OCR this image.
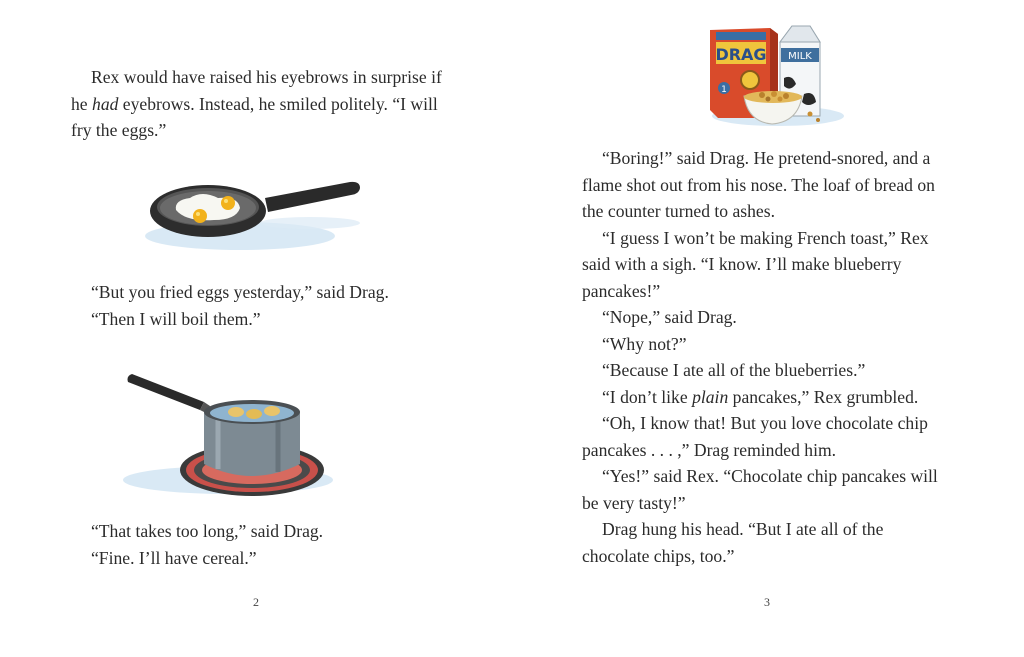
Rex would have raised his eyebrows in surprise if he had eyebrows. Instead, he smiled politely. “I will fry the eggs.”

“But you fried eggs yesterday,” said Drag.

“Then I will boil them.”

“That takes too long,” said Drag.

“Fine. I’ll have cereal.”

2
MILK
DRAG
1

“Boring!” said Drag. He pretend-snored, and a flame shot out from his nose. The loaf of bread on the counter turned to ashes.

“I guess I won’t be making French toast,” Rex said with a sigh. “I know. I’ll make blueberry pancakes!”

“Nope,” said Drag.

“Why not?”

“Because I ate all of the blueberries.”

“I don’t like plain pancakes,” Rex grumbled.

“Oh, I know that! But you love chocolate chip pancakes . . . ,” Drag reminded him.

“Yes!” said Rex. “Chocolate chip pancakes will be very tasty!”

Drag hung his head. “But I ate all of the chocolate chips, too.”

3
